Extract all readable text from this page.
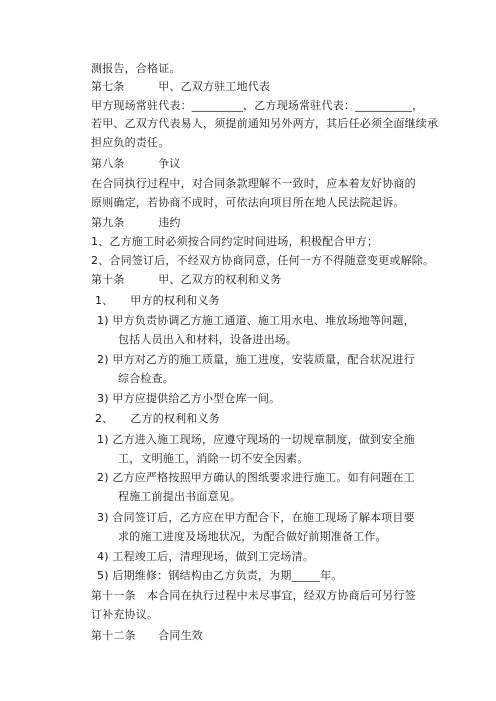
测报告，合格证。
第七条　　　甲、乙双方驻工地代表
甲方现场常驻代表：_________，乙方现场常驻代表：__________，
若甲、乙双方代表易人，须提前通知另外两方，其后任必须全面继续承
担应负的责任。
第八条　　　争议
在合同执行过程中，对合同条款理解不一致时，应本着友好协商的
原则确定，若协商不成时，可依法向项目所在地人民法院起诉。
第九条　　　违约
1、乙方施工时必须按合同约定时间进场，积极配合甲方；
2、合同签订后，不经双方协商同意，任何一方不得随意变更或解除。
第十条　　　甲、乙双方的权利和义务
1、　　甲方的权利和义务
1) 甲方负责协调乙方施工通道、施工用水电、堆放场地等问题，
包括人员出入和材料，设备进出场。
2) 甲方对乙方的施工质量，施工进度，安装质量，配合状况进行
综合检查。
3) 甲方应提供给乙方小型仓库一间。
2、　　乙方的权利和义务
1) 乙方进入施工现场，应遵守现场的一切规章制度，做到安全施
工，文明施工，消除一切不安全因素。
2) 乙方应严格按照甲方确认的图纸要求进行施工。如有问题在工
程施工前提出书面意见。
3) 合同签订后，乙方应在甲方配合下，在施工现场了解本项目要
求的施工进度及场地状况，为配合做好前期准备工作。
4) 工程竣工后，清理现场，做到工完场清。
5) 后期维修：钢结构由乙方负责，为期_____年。
第十一条　本合同在执行过程中未尽事宜，经双方协商后可另行签
订补充协议。
第十二条　　合同生效
